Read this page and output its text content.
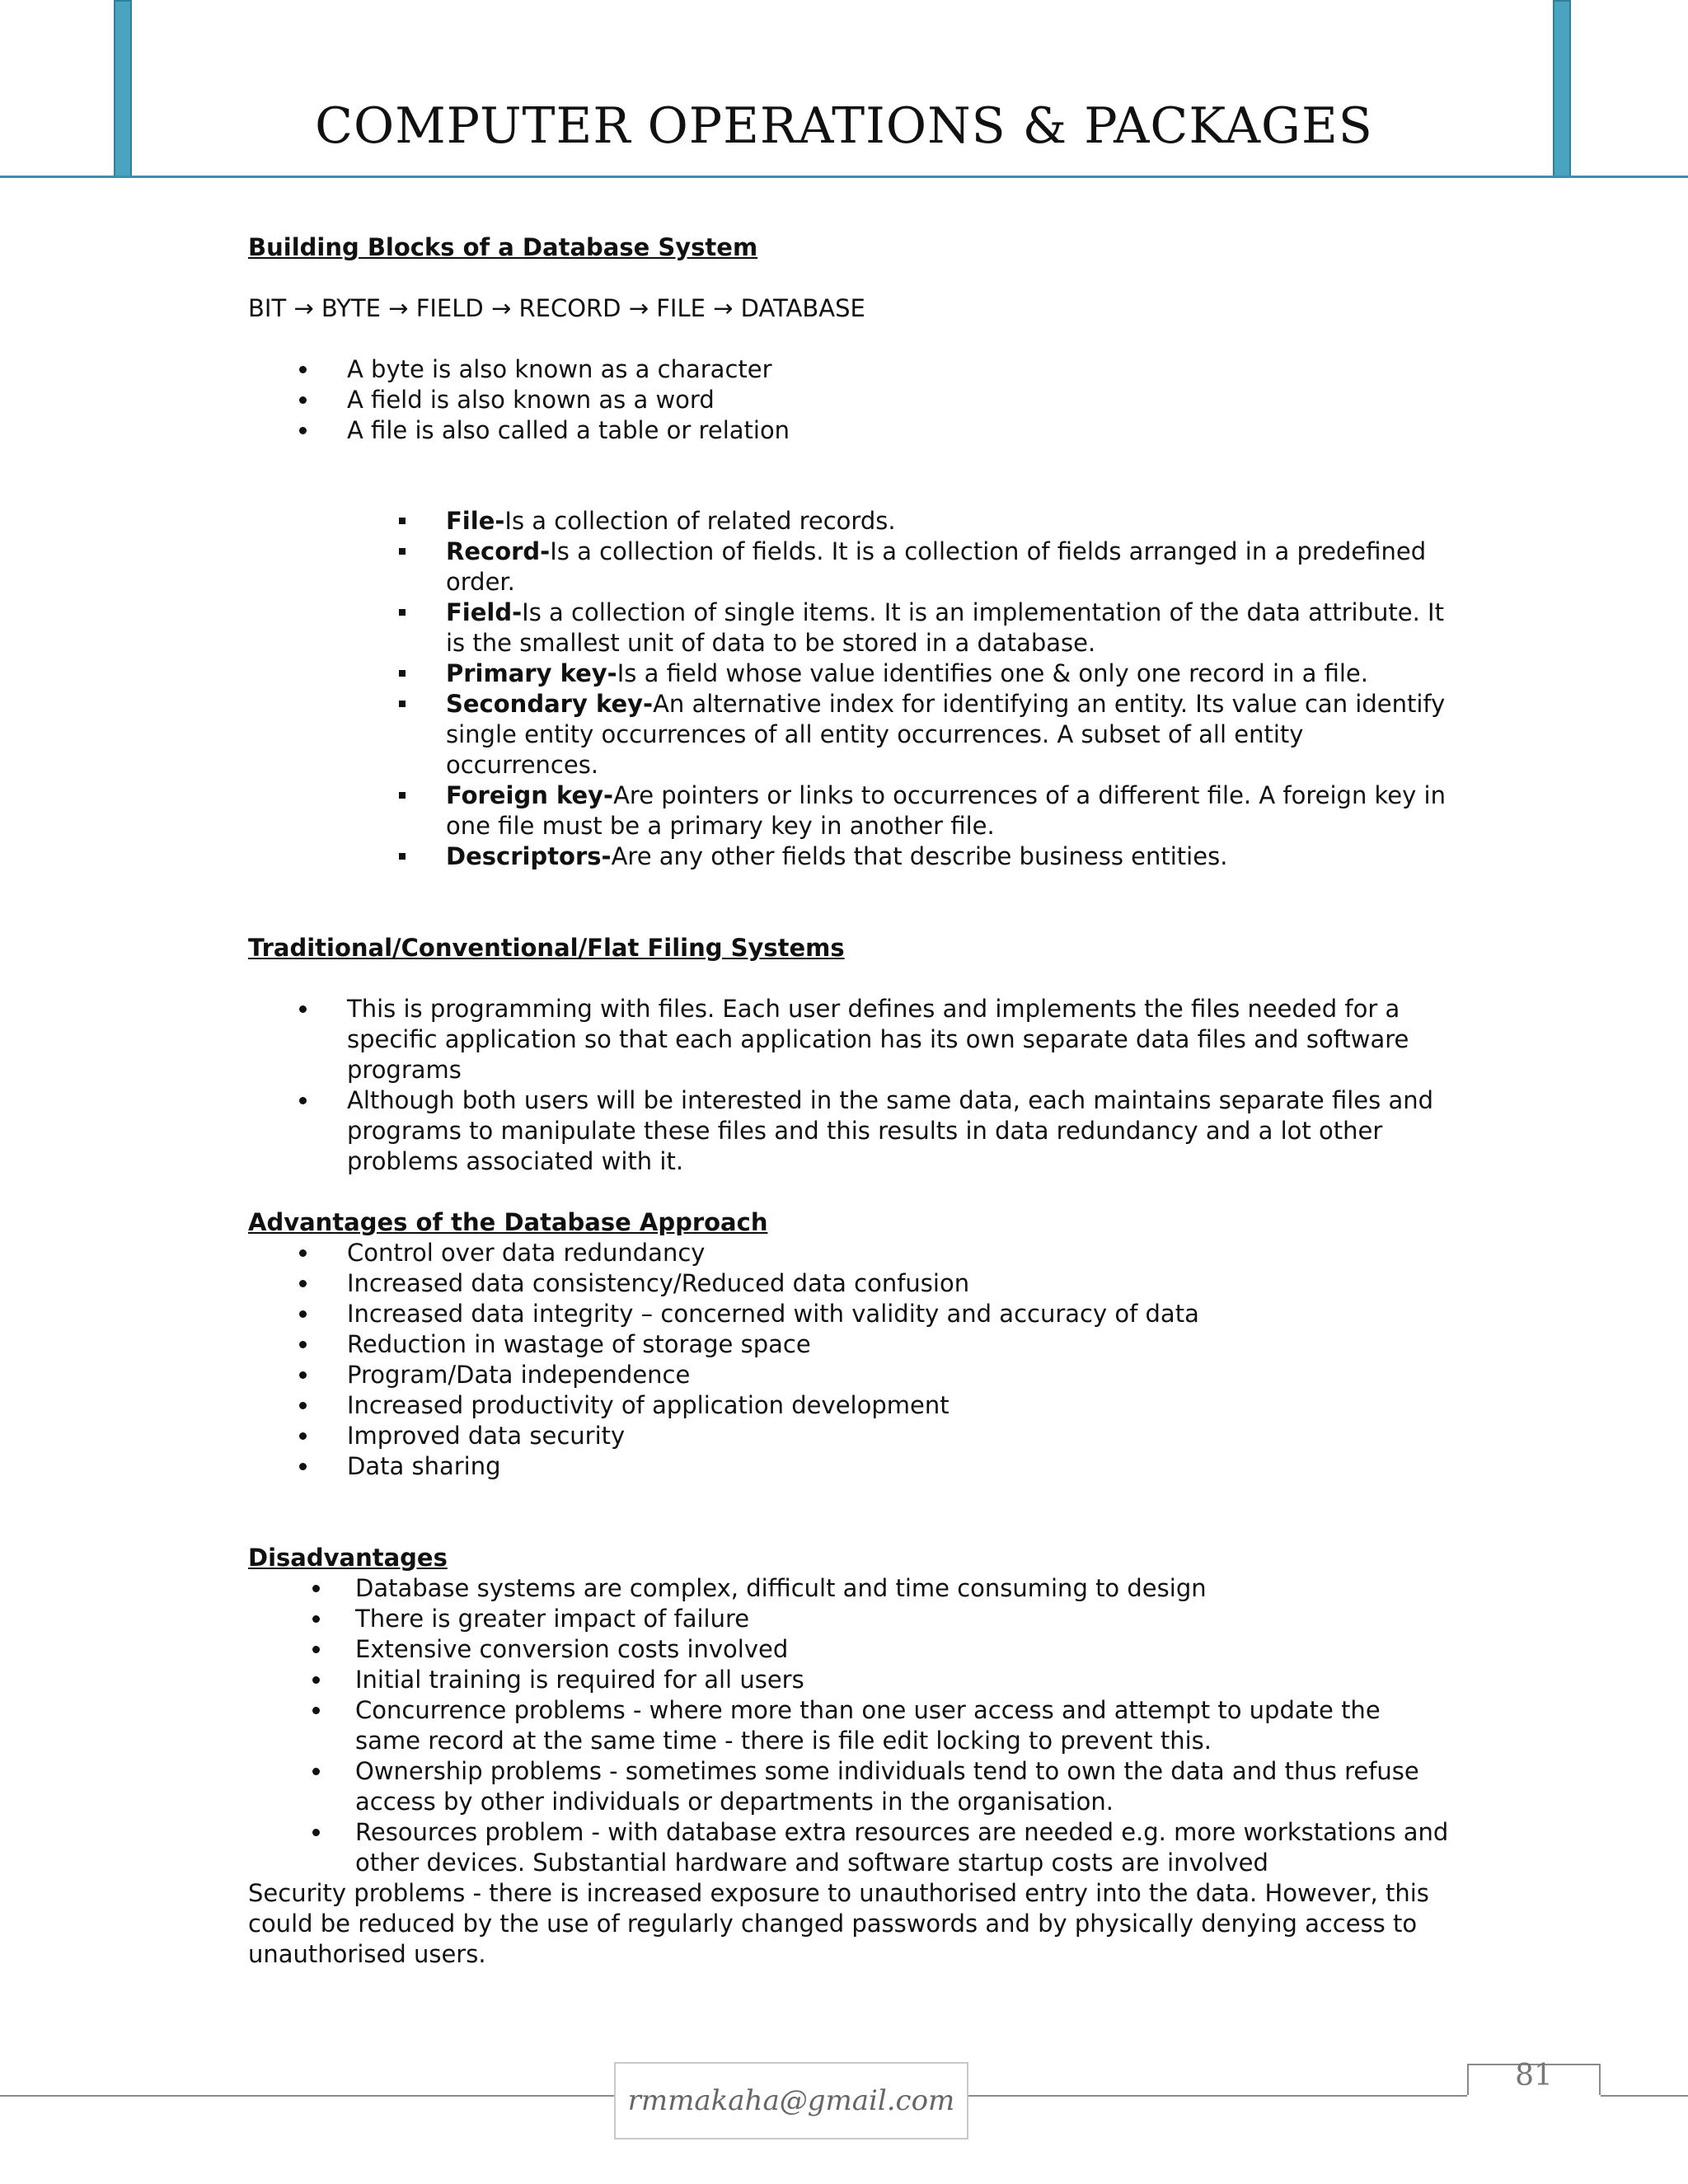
COMPUTER OPERATIONS & PACKAGES

Building Blocks of a Database System

BIT → BYTE → FIELD → RECORD → FILE → DATABASE

A byte is also known as a character
A field is also known as a word
A file is also called a table or relation
File-Is a collection of related records.
Record-Is a collection of fields. It is a collection of fields arranged in a predefined order.
Field-Is a collection of single items. It is an implementation of the data attribute. It is the smallest unit of data to be stored in a database.
Primary key-Is a field whose value identifies one & only one record in a file.
Secondary key-An alternative index for identifying an entity. Its value can identify single entity occurrences of all entity occurrences. A subset of all entity occurrences.
Foreign key-Are pointers or links to occurrences of a different file. A foreign key in one file must be a primary key in another file.
Descriptors-Are any other fields that describe business entities.

Traditional/Conventional/Flat Filing Systems

This is programming with files. Each user defines and implements the files needed for a specific application so that each application has its own separate data files and software programs
Although both users will be interested in the same data, each maintains separate files and programs to manipulate these files and this results in data redundancy and a lot other problems associated with it.

Advantages of the Database Approach

Control over data redundancy
Increased data consistency/Reduced data confusion
Increased data integrity – concerned with validity and accuracy of data
Reduction in wastage of storage space
Program/Data independence
Increased productivity of application development
Improved data security
Data sharing

Disadvantages

Database systems are complex, difficult and time consuming to design
There is greater impact of failure
Extensive conversion costs involved
Initial training is required for all users
Concurrence problems - where more than one user access and attempt to update the same record at the same time - there is file edit locking to prevent this.
Ownership problems - sometimes some individuals tend to own the data and thus refuse access by other individuals or departments in the organisation.
Resources problem - with database extra resources are needed e.g. more workstations and other devices. Substantial hardware and software startup costs are involved

Security problems - there is increased exposure to unauthorised entry into the data. However, this could be reduced by the use of regularly changed passwords and by physically denying access to unauthorised users.

rmmakaha@gmail.com
81
